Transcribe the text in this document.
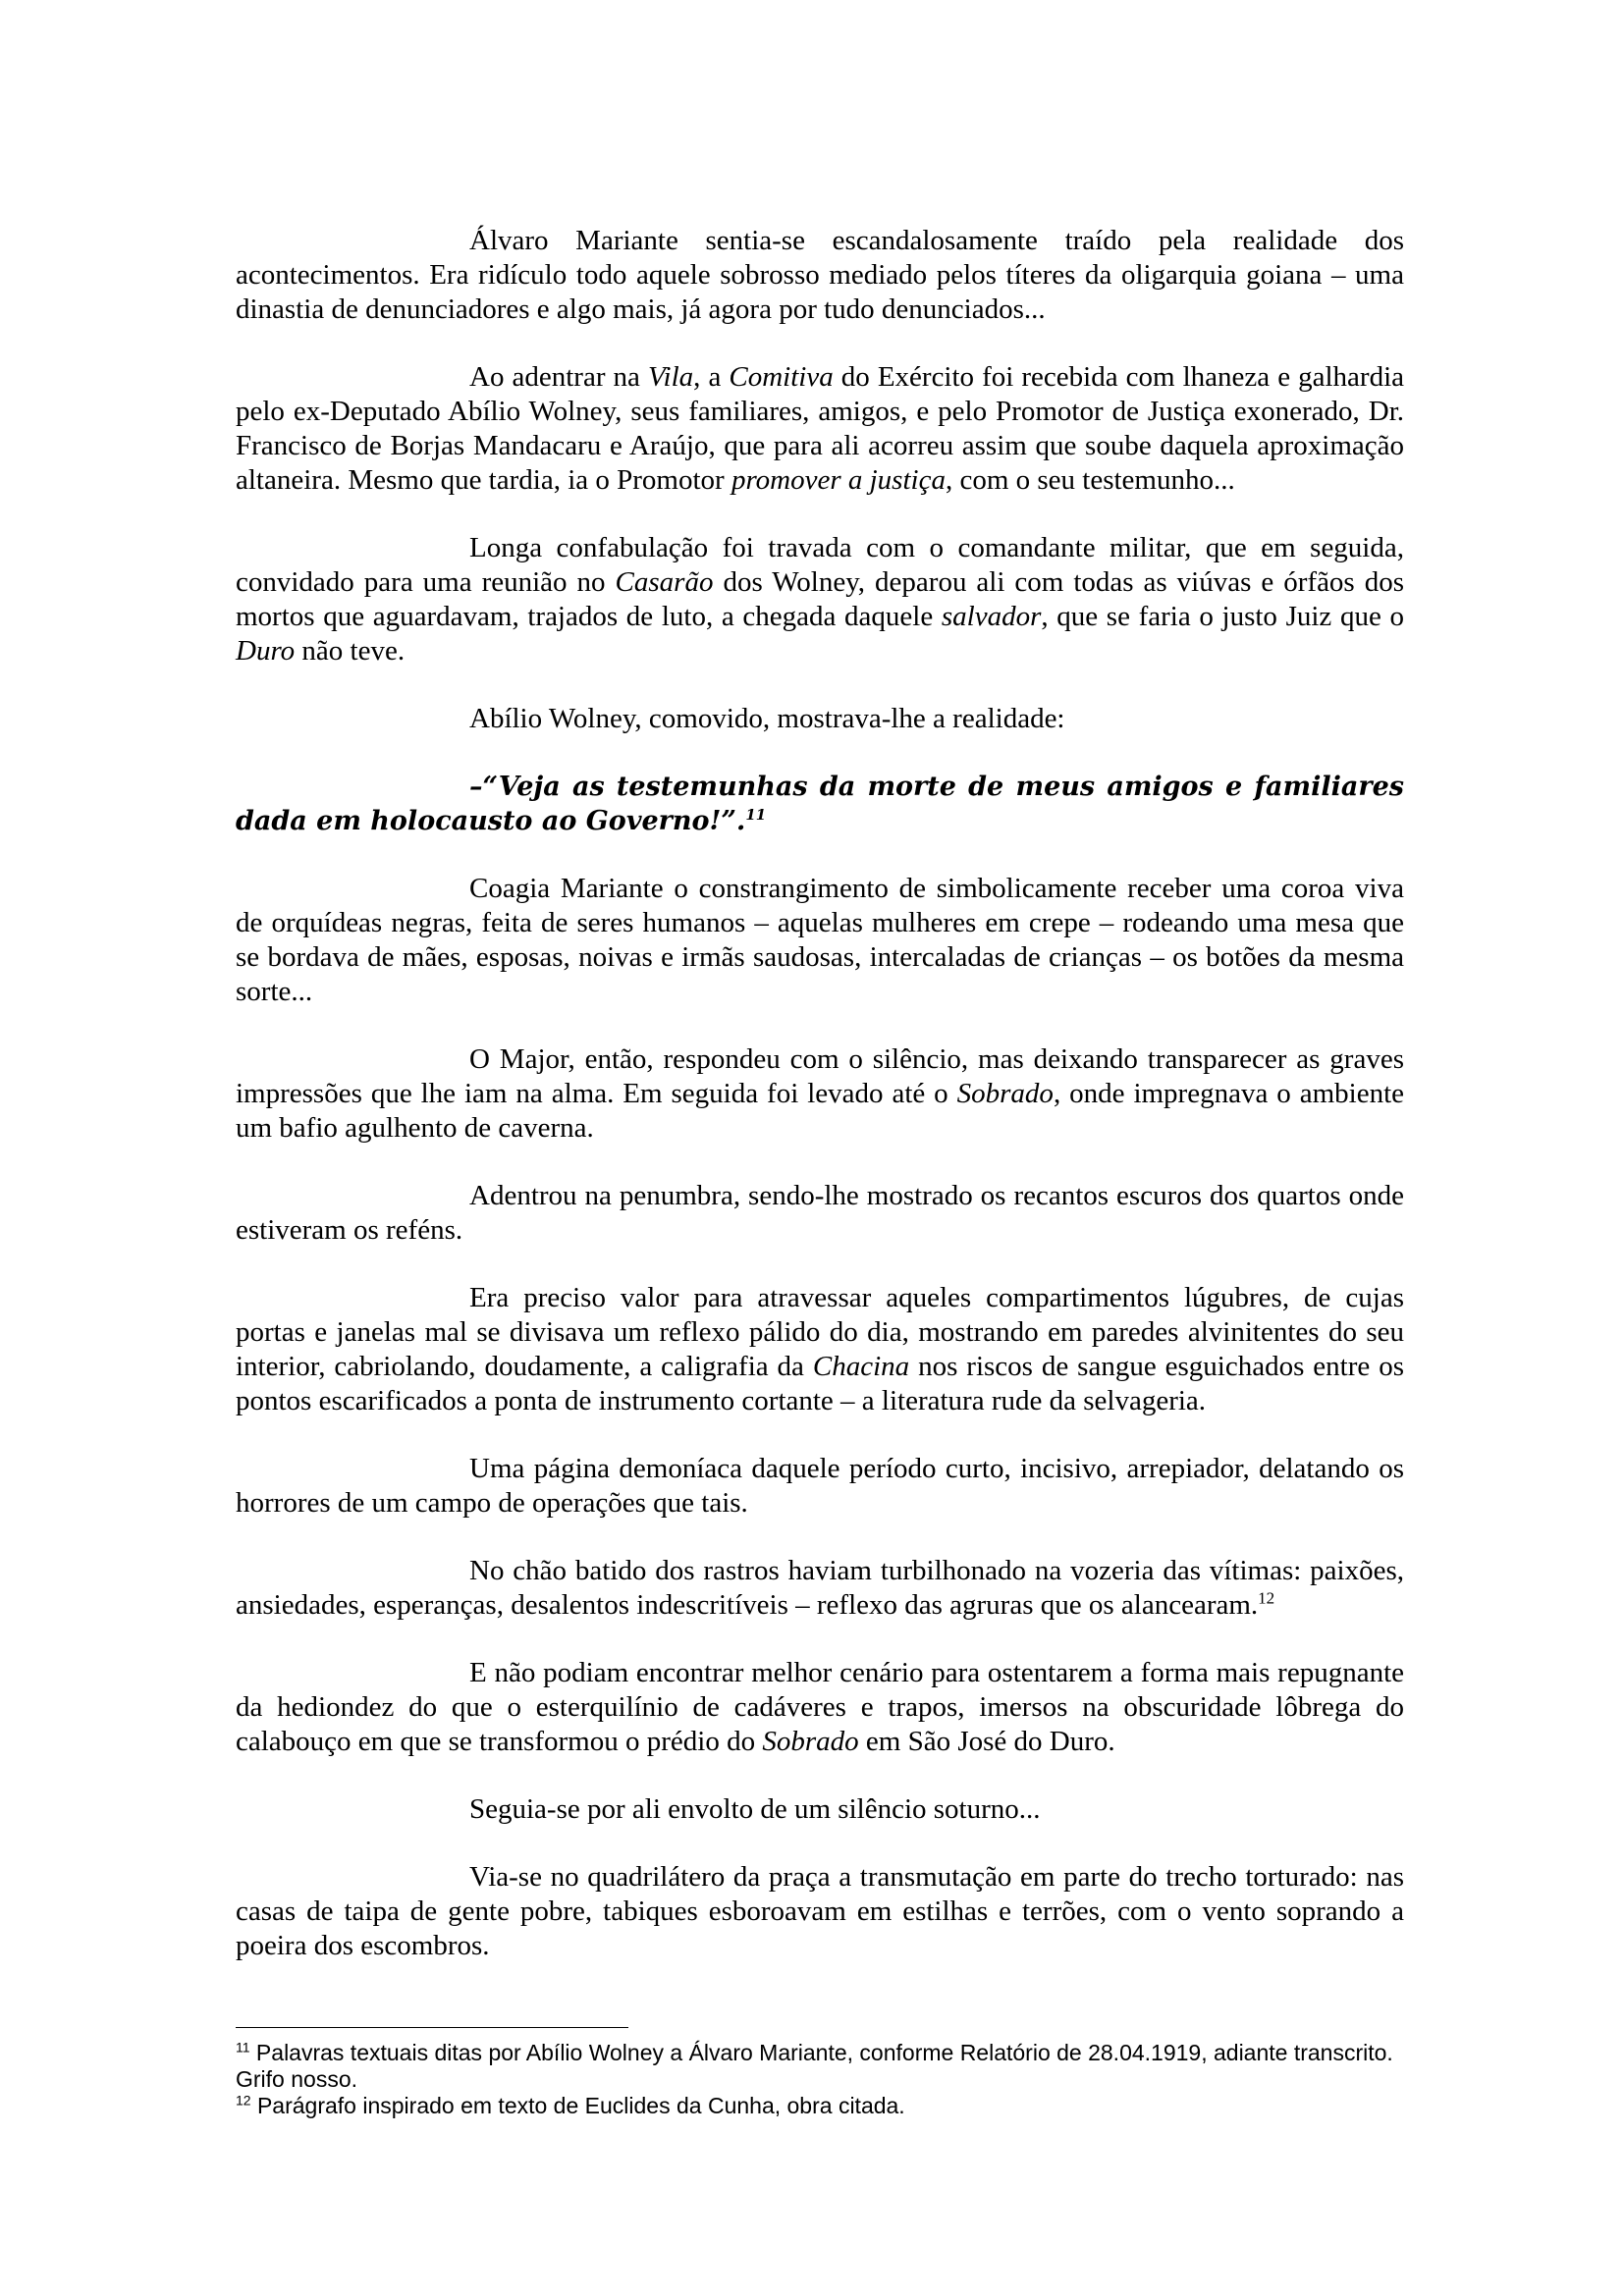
Álvaro Mariante sentia-se escandalosamente traído pela realidade dos acontecimentos. Era ridículo todo aquele sobrosso mediado pelos títeres da oligarquia goiana – uma dinastia de denunciadores e algo mais, já agora por tudo denunciados...

Ao adentrar na Vila, a Comitiva do Exército foi recebida com lhaneza e galhardia pelo ex-Deputado Abílio Wolney, seus familiares, amigos, e pelo Promotor de Justiça exonerado, Dr. Francisco de Borjas Mandacaru e Araújo, que para ali acorreu assim que soube daquela aproximação altaneira. Mesmo que tardia, ia o Promotor promover a justiça, com o seu testemunho...

Longa confabulação foi travada com o comandante militar, que em seguida, convidado para uma reunião no Casarão dos Wolney, deparou ali com todas as viúvas e órfãos dos mortos que aguardavam, trajados de luto, a chegada daquele salvador, que se faria o justo Juiz que o Duro não teve.

Abílio Wolney, comovido, mostrava-lhe a realidade:

–“Veja as testemunhas da morte de meus amigos e familiares dada em holocausto ao Governo!”.$^{11}$

Coagia Mariante o constrangimento de simbolicamente receber uma coroa viva de orquídeas negras, feita de seres humanos – aquelas mulheres em crepe – rodeando uma mesa que se bordava de mães, esposas, noivas e irmãs saudosas, intercaladas de crianças – os botões da mesma sorte...

O Major, então, respondeu com o silêncio, mas deixando transparecer as graves impressões que lhe iam na alma. Em seguida foi levado até o Sobrado, onde impregnava o ambiente um bafio agulhento de caverna.

Adentrou na penumbra, sendo-lhe mostrado os recantos escuros dos quartos onde estiveram os reféns.

Era preciso valor para atravessar aqueles compartimentos lúgubres, de cujas portas e janelas mal se divisava um reflexo pálido do dia, mostrando em paredes alvinitentes do seu interior, cabriolando, doudamente, a caligrafia da Chacina nos riscos de sangue esguichados entre os pontos escarificados a ponta de instrumento cortante – a literatura rude da selvageria.

Uma página demoníaca daquele período curto, incisivo, arrepiador, delatando os horrores de um campo de operações que tais.

No chão batido dos rastros haviam turbilhonado na vozeria das vítimas: paixões, ansiedades, esperanças, desalentos indescritíveis – reflexo das agruras que os alancearam.$^{12}$

E não podiam encontrar melhor cenário para ostentarem a forma mais repugnante da hediondez do que o esterquilínio de cadáveres e trapos, imersos na obscuridade lôbrega do calabouço em que se transformou o prédio do Sobrado em São José do Duro.

Seguia-se por ali envolto de um silêncio soturno...

Via-se no quadrilátero da praça a transmutação em parte do trecho torturado: nas casas de taipa de gente pobre, tabiques esboroavam em estilhas e terrões, com o vento soprando a poeira dos escombros.

$^{11}$ Palavras textuais ditas por Abílio Wolney a Álvaro Mariante, conforme Relatório de 28.04.1919, adiante transcrito. Grifo nosso.

$^{12}$ Parágrafo inspirado em texto de Euclides da Cunha, obra citada.
